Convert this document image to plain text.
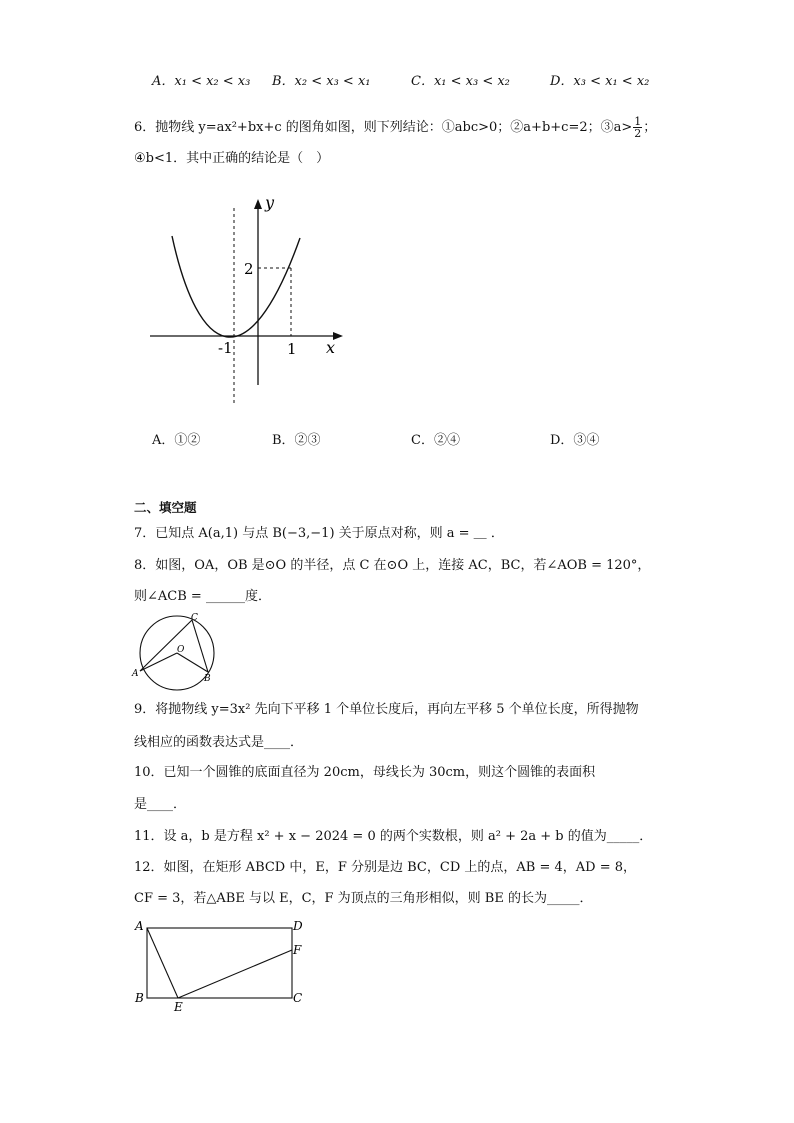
A．x₁ < x₂ < x₃ B．x₂ < x₃ < x₁	C．x₁ < x₃ < x₂	D．x₃ < x₁ < x₂
6．抛物线 y=ax²+bx+c 的图角如图，则下列结论：①abc>0；②a+b+c=2；③a> $\frac{1}{2}$ ；
④b<1．其中正确的结论是（　）
y
x
2
-1	1
A．①②	B．②③	C．②④	D．③④
二、填空题
7．已知点 A(a,1) 与点 B(−3,−1) 关于原点对称，则 a = ＿ ．
8．如图，OA，OB 是⊙O 的半径，点 C 在⊙O 上，连接 AC，BC，若∠AOB = 120°，
则∠ACB = ______度．
C
O
A	B
9．将抛物线 y=3x² 先向下平移 1 个单位长度后，再向左平移 5 个单位长度，所得抛物
线相应的函数表达式是____．
10．已知一个圆锥的底面直径为 20cm，母线长为 30cm，则这个圆锥的表面积
是____．
11．设 a，b 是方程 x² + x − 2024 = 0 的两个实数根，则 a² + 2a + b 的值为_____．
12．如图，在矩形 ABCD 中，E，F 分别是边 BC，CD 上的点，AB = 4，AD = 8，
CF = 3，若△ABE 与以 E，C，F 为顶点的三角形相似，则 BE 的长为_____．
A	D
F
B
E
C
